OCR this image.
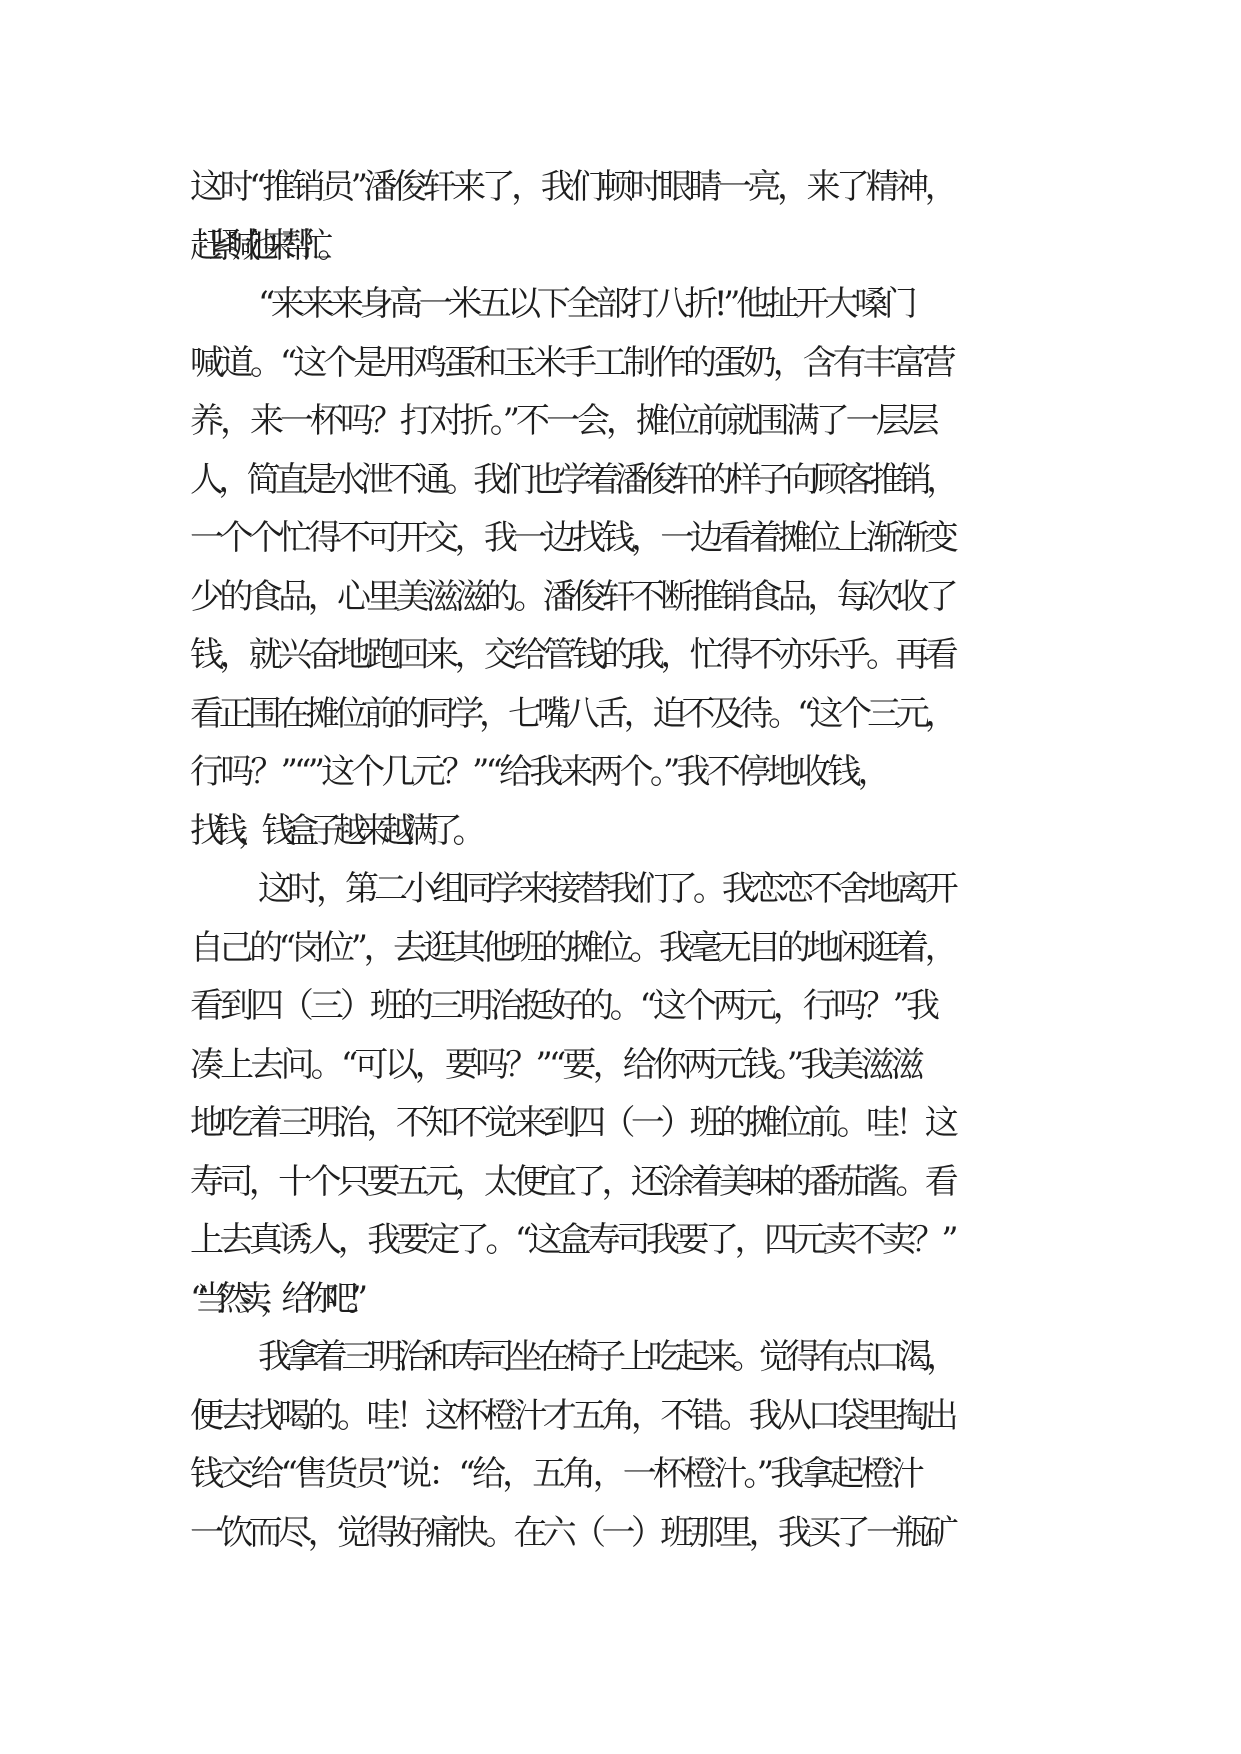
这时“推销员”潘俊轩来了，我们顿时眼睛一亮，来了精神，
赶紧喊他来帮忙。
“来来来身高一米五以下全部打八折!”他扯开大嗓门
喊道。“这个是用鸡蛋和玉米手工制作的蛋奶，含有丰富营
养，来一杯吗？打对折。”不一会，摊位前就围满了一层层
人，简直是水泄不通。我们也学着潘俊轩的样子向顾客推销，
一个个忙得不可开交，我一边找钱，一边看着摊位上渐渐变
少的食品，心里美滋滋的。潘俊轩不断推销食品，每次收了
钱，就兴奋地跑回来，交给管钱的我，忙得不亦乐乎。再看
看正围在摊位前的同学，七嘴八舌，迫不及待。“这个三元，
行吗？”“”这个几元？”“给我来两个。”我不停地收钱，
找钱，钱盒子越来越满了。
这时，第二小组同学来接替我们了。我恋恋不舍地离开
自己的“岗位”，去逛其他班的摊位。我毫无目的地闲逛着，
看到四（三）班的三明治挺好的。“这个两元，行吗？”我
凑上去问。“可以，要吗？”“要，给你两元钱。”我美滋滋
地吃着三明治，不知不觉来到四（一）班的摊位前。哇！这
寿司，十个只要五元，太便宜了，还涂着美味的番茄酱。看
上去真诱人，我要定了。“这盒寿司我要了，四元卖不卖？”
“当然卖，给你吧。”
我拿着三明治和寿司坐在椅子上吃起来。觉得有点口渴，
便去找喝的。哇！这杯橙汁才五角，不错。我从口袋里掏出
钱交给“售货员”说：“给，五角，一杯橙汁。”我拿起橙汁
一饮而尽，觉得好痛快。在六（一）班那里，我买了一瓶矿
